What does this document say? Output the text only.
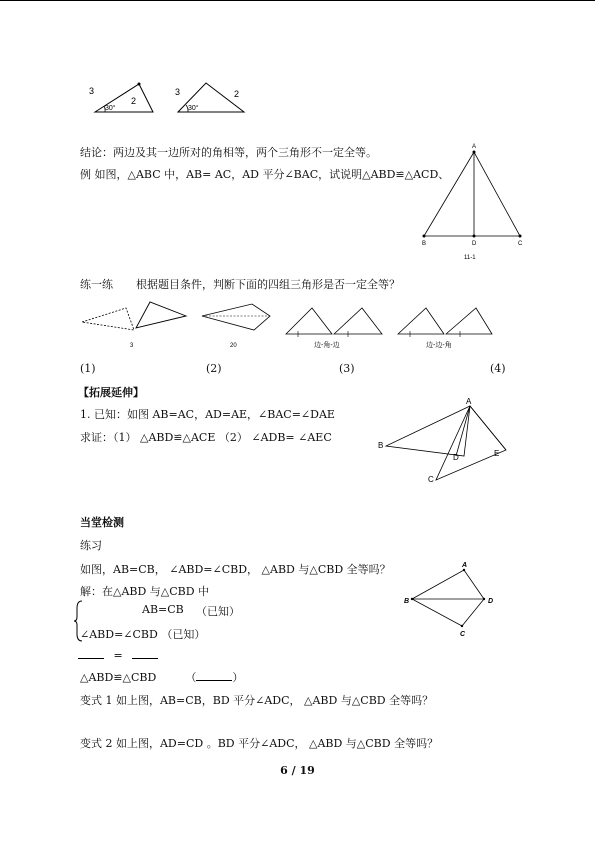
3
2
30°
3	2
30°
结论：两边及其一边所对的角相等，两个三角形不一定全等。
例 如图，△ABC 中，AB= AC，AD 平分∠BAC，试说明△ABD≌△ACD、
A
B	D	C
11-1
练一练 根据题目条件，判断下面的四组三角形是否一定全等？
3	20	边-角-边	边-边-角
(1)	(2)	(3)	(4)
【拓展延伸】
1. 已知：如图 AB=AC，AD=AE，∠BAC=∠DAE
求证：（1） △ABD≌△ACE （2） ∠ADB= ∠AEC
A
B
C
D	E
当堂检测
练习
如图，AB=CB， ∠ABD=∠CBD， △ABD 与△CBD 全等吗？
解：在△ABD 与△CBD 中
AB=CB （已知）
∠ABD=∠CBD （已知）
=
△ABD≌△CBD	（	）
变式 1 如上图，AB=CB，BD 平分∠ADC， △ABD 与△CBD 全等吗？
变式 2 如上图，AD=CD 。BD 平分∠ADC， △ABD 与△CBD 全等吗？
A
B	D
C
6 / 19
